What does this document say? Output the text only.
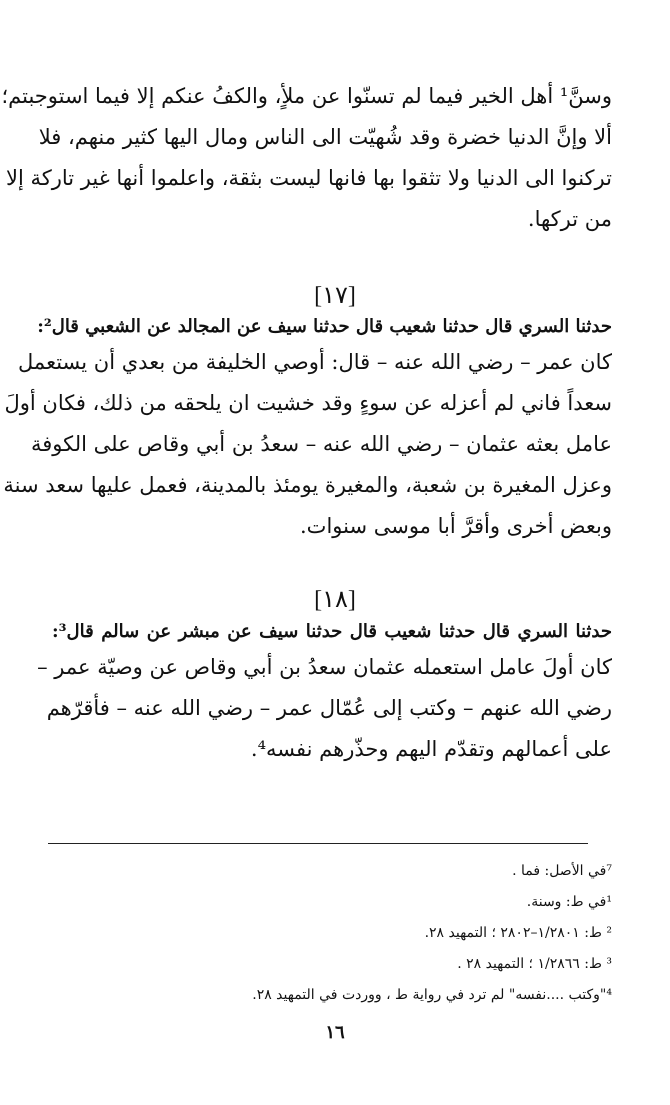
وسنَّ¹ أهل الخير فيما لم تسنّوا عن ملأٍ، والكفُ عنكم إلا فيما استوجبتم؛
ألا وإنَّ الدنيا خضرة وقد شُهيّت الى الناس ومال اليها كثير منهم، فلا
تركنوا الى الدنيا ولا تثقوا بها فانها ليست بثقة، واعلموا أنها غير تاركة إلا
من تركها.
[١٧]
حدثنا السري قال حدثنا شعيب قال حدثنا سيف عن المجالد عن الشعبي قال²:
كان عمر – رضي الله عنه – قال: أوصي الخليفة من بعدي أن يستعمل
سعداً فاني لم أعزله عن سوءٍ وقد خشيت ان يلحقه من ذلك، فكان أولَ
عامل بعثه عثمان – رضي الله عنه – سعدُ بن أبي وقاص على الكوفة
وعزل المغيرة بن شعبة، والمغيرة يومئذ بالمدينة، فعمل عليها سعد سنة
وبعض أخرى وأقرَّ أبا موسى سنوات.
[١٨]
حدثنا السري قال حدثنا شعيب قال حدثنا سيف عن مبشر عن سالم قال³:
كان أولَ عامل استعمله عثمان سعدُ بن أبي وقاص عن وصيّة عمر –
رضي الله عنهم – وكتب إلى عُمّال عمر – رضي الله عنه – فأقرّهم
على أعمالهم وتقدّم اليهم وحذّرهم نفسه⁴.
⁷في الأصل: فما .
¹في ط: وسنة.
² ط: ١/٢٨٠١–٢٨٠٢ ؛ التمهيد ٢٨.
³ ط: ١/٢٨٦٦ ؛ التمهيد ٢٨ .
⁴"وكتب ....نفسه" لم ترد في رواية ط ، ووردت في التمهيد ٢٨.
١٦
